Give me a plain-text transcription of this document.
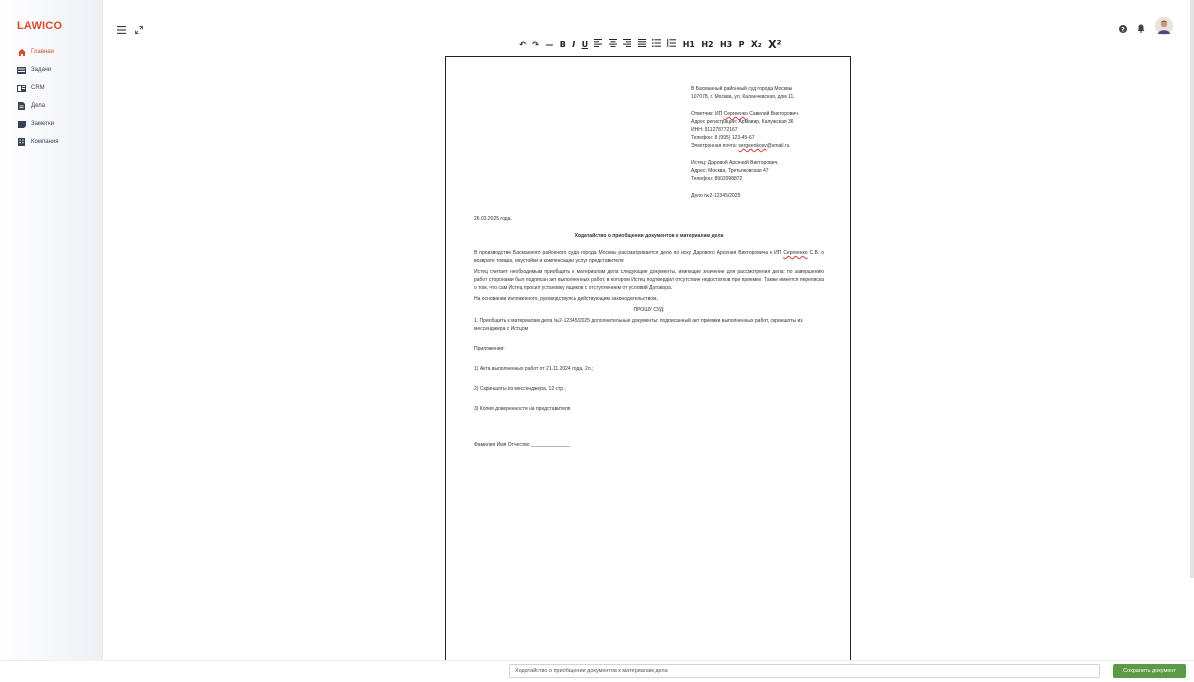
LAWICO
Главная
Задачи
CRM
Дела
Заметки
Компания
?
↶ ↷ — B I U	H1 H2 H3 P X₂ X²

В Басманный районный суд города Москвы

107078, г. Москва, ул. Каланчевская, дом 11.

Ответчик: ИП Сергеенко Савелий Викторович

Адрес регистрации: Армавир, Калужская 36

ИНН: 911278772167

Телефон: 8 (995) 123-45-67

Электронная почта: sergeenkosv@smail.ru

Истец: Даровой Арсений Викторович,

Адрес: Москва, Третьяковская 47

Телефон: 8902098872

Дело №2-12345/2025

26.03.2025 года.

Ходатайство о приобщении документов к материалам дела

В производстве Басманного районного суда города Москвы рассматривается дело по иску Дарового Арсения Викторовича к ИП Сергеенко С.В. о возврате товара, неустойки и компенсации услуг представителя

Истец считает необходимым приобщить к материалам дела следующие документы, имеющие значение для рассмотрения дела: по завершению работ сторонами был подписан акт выполненных работ, в котором Истец подтвердил отсутствие недостатков при приемке. Также имеется переписка о том, что сам Истец просил установку ящиков с отступлением от условий Договора.

На основании изложенного, руководствуясь действующим законодательством,

ПРОШУ СУД:

1. Приобщить к материалам дела №2-12345/2025 дополнительные документы: подписанный акт приемки выполненных работ, скриншоты из мессенджера с Истцом

Приложения:

1) Акта выполненных работ от 21.11.2024 года, 2л.;

2) Скриншоты из мессенджера, 12 стр.;

3) Копия доверенности на представителя

Фамилия Имя Отчество ______________

Ходатайство о приобщении документов к материалам дела
Сохранить документ
